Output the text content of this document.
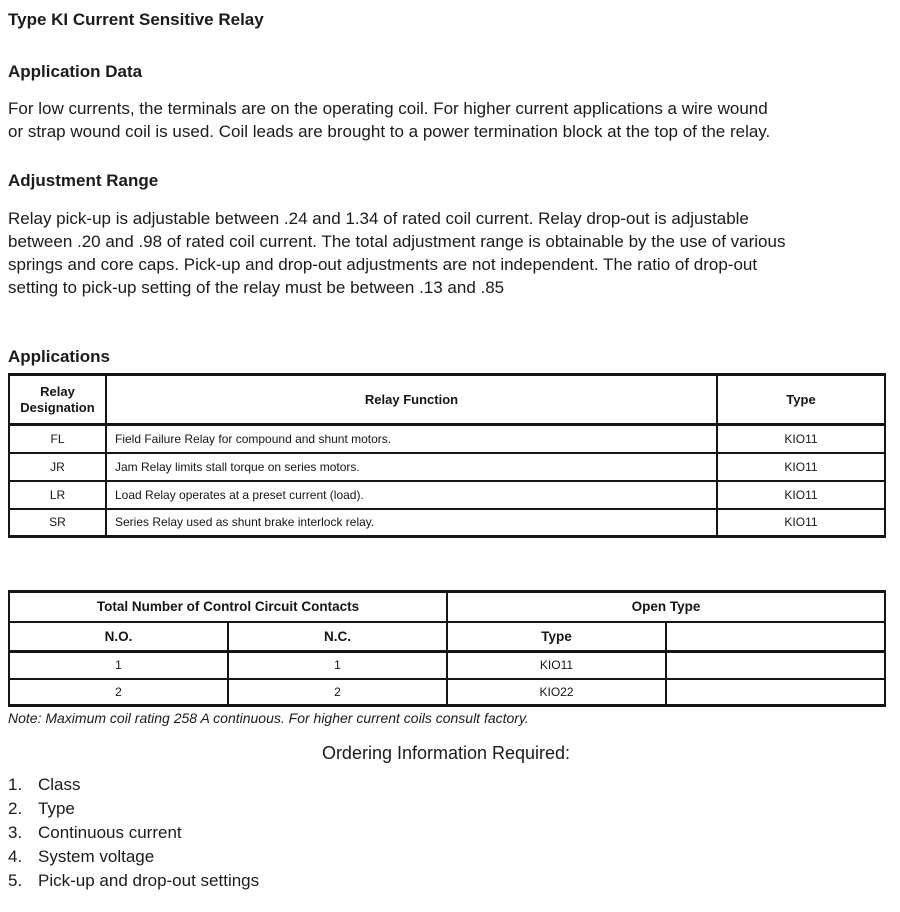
Type KI Current Sensitive Relay
Application Data
For low currents, the terminals are on the operating coil. For higher current applications a wire wound
or strap wound coil is used. Coil leads are brought to a power termination block at the top of the relay.
Adjustment Range
Relay pick-up is adjustable between .24 and 1.34 of rated coil current. Relay drop-out is adjustable
between .20 and .98 of rated coil current. The total adjustment range is obtainable by the use of various
springs and core caps. Pick-up and drop-out adjustments are not independent. The ratio of drop-out
setting to pick-up setting of the relay must be between .13 and .85
Applications
Relay Designation	Relay Function	Type
FL	Field Failure Relay for compound and shunt motors.	KIO11
JR	Jam Relay limits stall torque on series motors.	KIO11
LR	Load Relay operates at a preset current (load).	KIO11
SR	Series Relay used as shunt brake interlock relay.	KIO11
Total Number of Control Circuit Contacts		Open Type	
N.O.	N.C.	Type	
1	1	KIO11	
2	2	KIO22	
Note: Maximum coil rating 258 A continuous. For higher current coils consult factory.
Ordering Information Required:
1. Class
2. Type
3. Continuous current
4. System voltage
5. Pick-up and drop-out settings
